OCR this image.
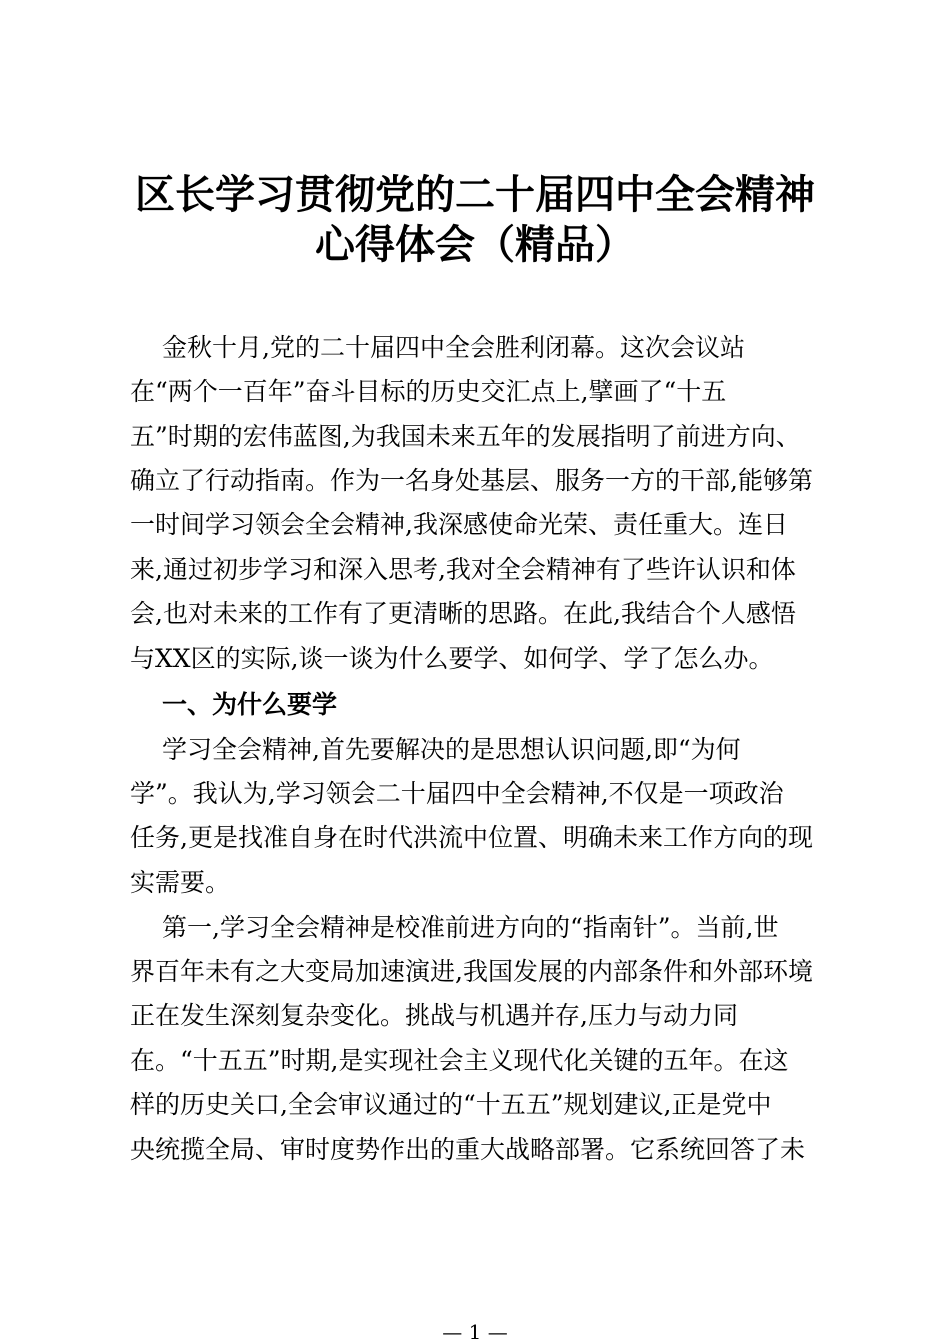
区长学习贯彻党的二十届四中全会精神
心得体会（精品）
金秋十月,党的二十届四中全会胜利闭幕。这次会议站
在“两个一百年”奋斗目标的历史交汇点上,擘画了“十五
五”时期的宏伟蓝图,为我国未来五年的发展指明了前进方向、
确立了行动指南。作为一名身处基层、服务一方的干部,能够第
一时间学习领会全会精神,我深感使命光荣、责任重大。连日
来,通过初步学习和深入思考,我对全会精神有了些许认识和体
会,也对未来的工作有了更清晰的思路。在此,我结合个人感悟
与XX区的实际,谈一谈为什么要学、如何学、学了怎么办。
一、为什么要学
学习全会精神,首先要解决的是思想认识问题,即“为何
学”。我认为,学习领会二十届四中全会精神,不仅是一项政治
任务,更是找准自身在时代洪流中位置、明确未来工作方向的现
实需要。
第一,学习全会精神是校准前进方向的“指南针”。当前,世
界百年未有之大变局加速演进,我国发展的内部条件和外部环境
正在发生深刻复杂变化。挑战与机遇并存,压力与动力同
在。“十五五”时期,是实现社会主义现代化关键的五年。在这
样的历史关口,全会审议通过的“十五五”规划建议,正是党中
央统揽全局、审时度势作出的重大战略部署。它系统回答了未
— 1 —
